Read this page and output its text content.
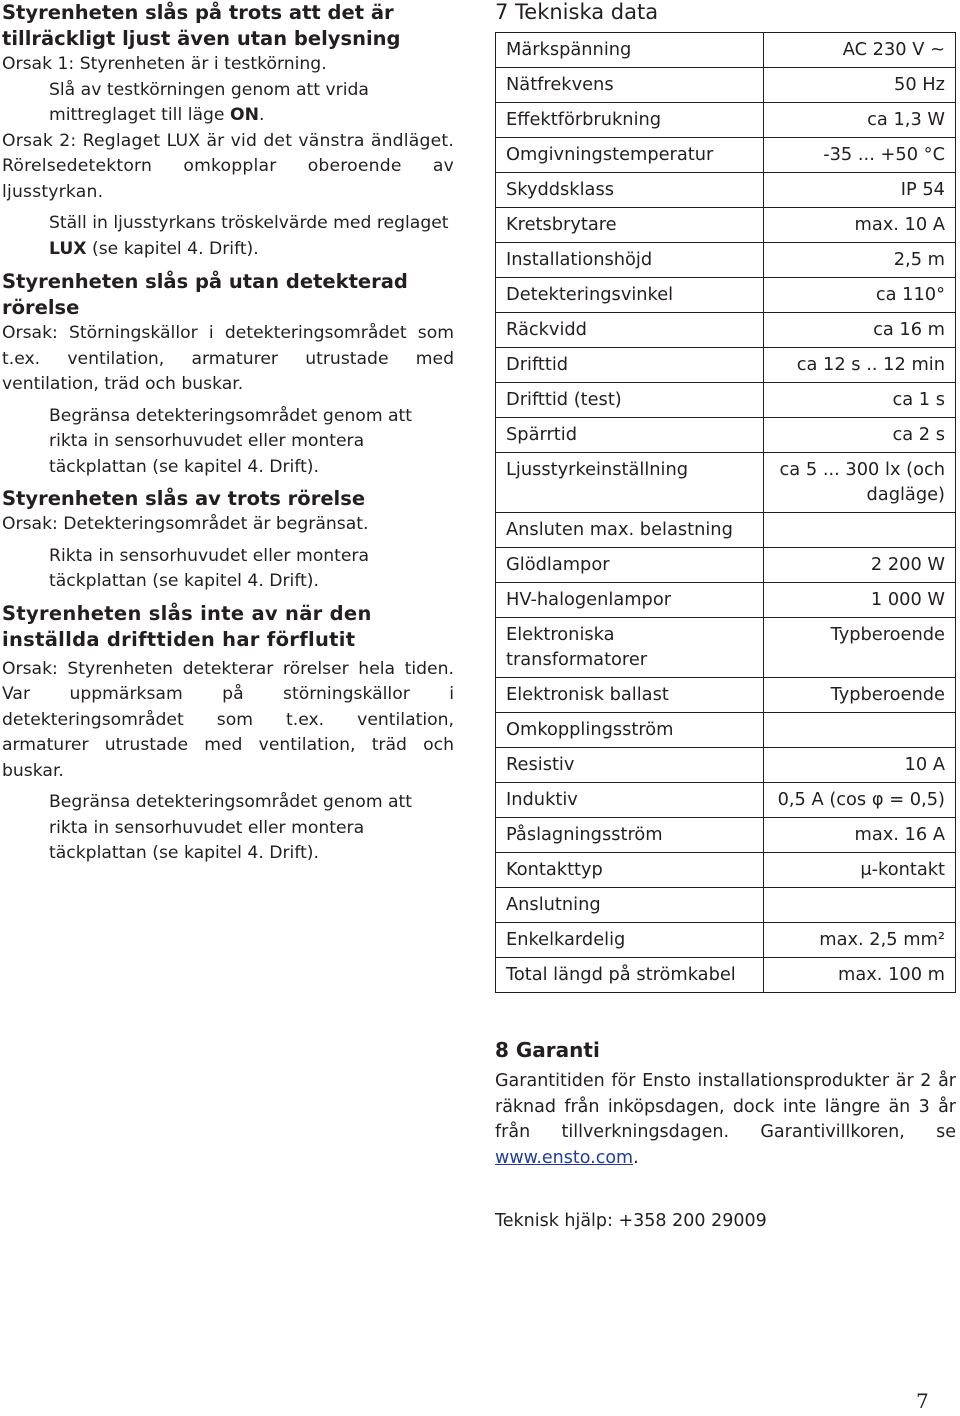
Styrenheten slås på trots att det är tillräckligt ljust även utan belysning

Orsak 1: Styrenheten är i testkörning.

Slå av testkörningen genom att vrida mittreglaget till läge ON.

Orsak 2: Reglaget LUX är vid det vänstra ändläget. Rörelsedetektorn omkopplar oberoende av ljusstyrkan.

Ställ in ljusstyrkans tröskelvärde med reglaget LUX (se kapitel 4. Drift).

Styrenheten slås på utan detekterad rörelse

Orsak: Störningskällor i detekteringsområdet som t.ex. ventilation, armaturer utrustade med ventilation, träd och buskar.

Begränsa detekteringsområdet genom att rikta in sensorhuvudet eller montera täckplattan (se kapitel 4. Drift).

Styrenheten slås av trots rörelse

Orsak: Detekteringsområdet är begränsat.

Rikta in sensorhuvudet eller montera täckplattan (se kapitel 4. Drift).

Styrenheten slås inte av när den inställda drifttiden har förflutit

Orsak: Styrenheten detekterar rörelser hela tiden. Var uppmärksam på störningskällor i detekteringsområdet som t.ex. ventilation, armaturer utrustade med ventilation, träd och buskar.

Begränsa detekteringsområdet genom att rikta in sensorhuvudet eller montera täckplattan (se kapitel 4. Drift).

7 Tekniska data
Märkspänning	AC 230 V ~
Nätfrekvens	50 Hz
Effektförbrukning	ca 1,3 W
Omgivningstemperatur	-35 ... +50 °C
Skyddsklass	IP 54
Kretsbrytare	max. 10 A
Installationshöjd	2,5 m
Detekteringsvinkel	ca 110°
Räckvidd	ca 16 m
Drifttid	ca 12 s .. 12 min
Drifttid (test)	ca 1 s
Spärrtid	ca 2 s
Ljusstyrkeinställning	ca 5 ... 300 lx (och dagläge)
Ansluten max. belastning	
Glödlampor	2 200 W
HV-halogenlampor	1 000 W
Elektroniska transformatorer	Typberoende
Elektronisk ballast	Typberoende
Omkopplingsström	
Resistiv	10 A
Induktiv	0,5 A (cos φ = 0,5)
Påslagningsström	max. 16 A
Kontakttyp	μ-kontakt
Anslutning	
Enkelkardelig	max. 2,5 mm²
Total längd på strömkabel	max. 100 m

8 Garanti

Garantitiden för Ensto installationsprodukter är 2 år räknad från inköpsdagen, dock inte längre än 3 år från tillverkningsdagen. Garantivillkoren, se www.ensto.com.

Teknisk hjälp: +358 200 29009

7
